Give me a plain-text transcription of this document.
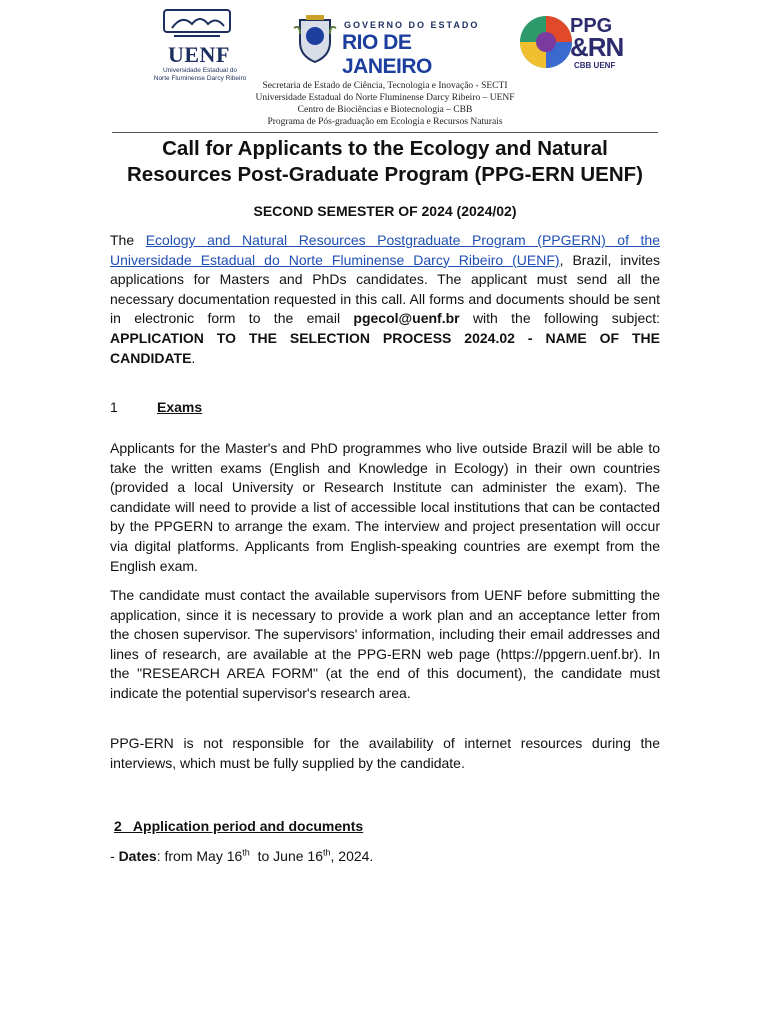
UENF
Universidade Estadual do
Norte Fluminense Darcy Ribeiro
GOVERNO DO ESTADO
RIO DE JANEIRO
PPG
&RN
CBB UENF
Secretaria de Estado de Ciência, Tecnologia e Inovação - SECTI
Universidade Estadual do Norte Fluminense Darcy Ribeiro – UENF
Centro de Biociências e Biotecnologia – CBB
Programa de Pós-graduação em Ecologia e Recursos Naturais
Call for Applicants to the Ecology and Natural
Resources Post-Graduate Program (PPG-ERN UENF)
SECOND SEMESTER OF 2024 (2024/02)
The Ecology and Natural Resources Postgraduate Program (PPGERN) of the Universidade Estadual do Norte Fluminense Darcy Ribeiro (UENF), Brazil, invites applications for Masters and PhDs candidates. The applicant must send all the necessary documentation requested in this call. All forms and documents should be sent in electronic form to the email pgecol@uenf.br with the following subject: APPLICATION TO THE SELECTION PROCESS 2024.02 - NAME OF THE CANDIDATE.
1	Exams
Applicants for the Master's and PhD programmes who live outside Brazil will be able to take the written exams (English and Knowledge in Ecology) in their own countries (provided a local University or Research Institute can administer the exam). The candidate will need to provide a list of accessible local institutions that can be contacted by the PPGERN to arrange the exam. The interview and project presentation will occur via digital platforms. Applicants from English-speaking countries are exempt from the English exam.
The candidate must contact the available supervisors from UENF before submitting the application, since it is necessary to provide a work plan and an acceptance letter from the chosen supervisor. The supervisors' information, including their email addresses and lines of research, are available at the PPG-ERN web page (https://ppgern.uenf.br). In the "RESEARCH AREA FORM" (at the end of this document), the candidate must indicate the potential supervisor's research area.
PPG-ERN is not responsible for the availability of internet resources during the interviews, which must be fully supplied by the candidate.
2   Application period and documents
- Dates: from May 16th  to June 16th, 2024.
